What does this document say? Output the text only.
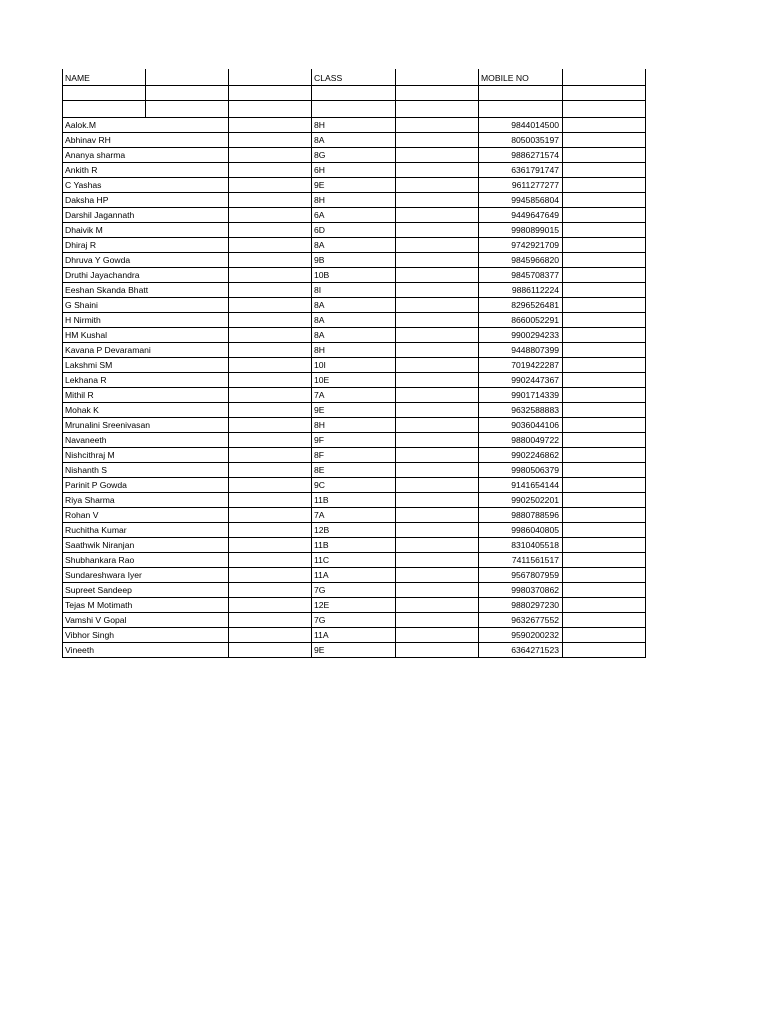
NAME			CLASS		MOBILE NO	

Aalok.M			8H		9844014500	
Abhinav RH			8A		8050035197	
Ananya sharma			8G		9886271574	
Ankith R			6H		6361791747	
C Yashas			9E		9611277277	
Daksha HP			8H		9945856804	
Darshil Jagannath			6A		9449647649	
Dhaivik M			6D		9980899015	
Dhiraj R			8A		9742921709	
Dhruva Y Gowda			9B		9845966820	
Druthi Jayachandra			10B		9845708377	
Eeshan Skanda Bhatt			8I		9886112224	
G Shaini			8A		8296526481	
H Nirmith			8A		8660052291	
HM Kushal			8A		9900294233	
Kavana P Devaramani			8H		9448807399	
Lakshmi SM			10I		7019422287	
Lekhana R			10E		9902447367	
Mithil R			7A		9901714339	
Mohak K			9E		9632588883	
Mrunalini Sreenivasan			8H		9036044106	
Navaneeth			9F		9880049722	
Nishcithraj M			8F		9902246862	
Nishanth S			8E		9980506379	
Parinit P Gowda			9C		9141654144	
Riya Sharma			11B		9902502201	
Rohan V			7A		9880788596	
Ruchitha Kumar			12B		9986040805	
Saathwik Niranjan			11B		8310405518	
Shubhankara Rao			11C		7411561517	
Sundareshwara Iyer			11A		9567807959	
Supreet Sandeep			7G		9980370862	
Tejas M Motimath			12E		9880297230	
Vamshi V Gopal			7G		9632677552	
Vibhor Singh			11A		9590200232	
Vineeth			9E		6364271523	
